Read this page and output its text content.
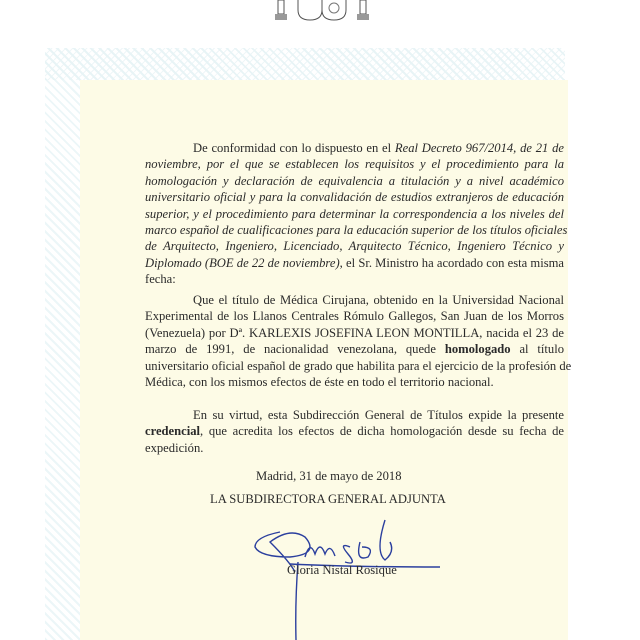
De conformidad con lo dispuesto en el Real Decreto 967/2014, de 21 de
noviembre, por el que se establecen los requisitos y el procedimiento para la
homologación y declaración de equivalencia a titulación y a nivel académico
universitario oficial y para la convalidación de estudios extranjeros de educación
superior, y el procedimiento para determinar la correspondencia a los niveles del
marco español de cualificaciones para la educación superior de los títulos oficiales
de Arquitecto, Ingeniero, Licenciado, Arquitecto Técnico, Ingeniero Técnico y
Diplomado (BOE de 22 de noviembre), el Sr. Ministro ha acordado con esta misma
fecha:
Que el título de Médica Cirujana, obtenido en la Universidad Nacional
Experimental de los Llanos Centrales Rómulo Gallegos, San Juan de los Morros
(Venezuela) por Dª. KARLEXIS JOSEFINA LEON MONTILLA, nacida el 23 de
marzo de 1991, de nacionalidad venezolana, quede homologado al título
universitario oficial español de grado que habilita para el ejercicio de la profesión de
Médica, con los mismos efectos de éste en todo el territorio nacional.
En su virtud, esta Subdirección General de Títulos expide la presente
credencial, que acredita los efectos de dicha homologación desde su fecha de
expedición.
Madrid, 31 de mayo de 2018
LA SUBDIRECTORA GENERAL ADJUNTA
Gloria Nistal Rosique
